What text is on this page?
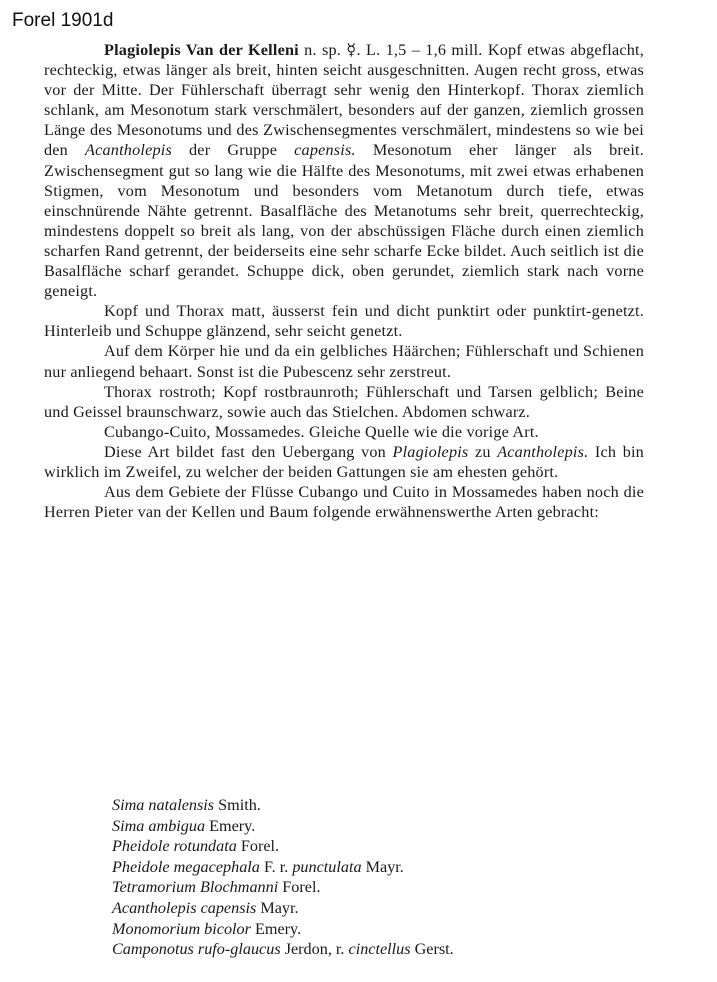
Forel 1901d

Plagiolepis Van der Kelleni n. sp. ☿. L. 1,5 – 1,6 mill. Kopf etwas abgeflacht, rechteckig, etwas länger als breit, hinten seicht ausgeschnitten. Augen recht gross, etwas vor der Mitte. Der Fühlerschaft überragt sehr wenig den Hinterkopf. Thorax ziemlich schlank, am Mesonotum stark verschmälert, besonders auf der ganzen, ziemlich grossen Länge des Mesonotums und des Zwischensegmentes verschmälert, mindestens so wie bei den Acantholepis der Gruppe capensis. Mesonotum eher länger als breit. Zwischensegment gut so lang wie die Hälfte des Mesonotums, mit zwei etwas erhabenen Stigmen, vom Mesonotum und besonders vom Metanotum durch tiefe, etwas einschnürende Nähte getrennt. Basalfläche des Metanotums sehr breit, querrechteckig, mindestens doppelt so breit als lang, von der abschüssigen Fläche durch einen ziemlich scharfen Rand getrennt, der beiderseits eine sehr scharfe Ecke bildet. Auch seitlich ist die Basalfläche scharf gerandet. Schuppe dick, oben gerundet, ziemlich stark nach vorne geneigt.

Kopf und Thorax matt, äusserst fein und dicht punktirt oder punktirt-genetzt. Hinterleib und Schuppe glänzend, sehr seicht genetzt.

Auf dem Körper hie und da ein gelbliches Häärchen; Fühlerschaft und Schienen nur anliegend behaart. Sonst ist die Pubescenz sehr zerstreut.

Thorax rostroth; Kopf rostbraunroth; Fühlerschaft und Tarsen gelblich; Beine und Geissel braunschwarz, sowie auch das Stielchen. Abdomen schwarz.

Cubango-Cuito, Mossamedes. Gleiche Quelle wie die vorige Art.

Diese Art bildet fast den Uebergang von Plagiolepis zu Acantholepis. Ich bin wirklich im Zweifel, zu welcher der beiden Gattungen sie am ehesten gehört.

Aus dem Gebiete der Flüsse Cubango und Cuito in Mossamedes haben noch die Herren Pieter van der Kellen und Baum folgende erwähnenswerthe Arten gebracht:

Sima natalensis Smith.
Sima ambigua Emery.
Pheidole rotundata Forel.
Pheidole megacephala F. r. punctulata Mayr.
Tetramorium Blochmanni Forel.
Acantholepis capensis Mayr.
Monomorium bicolor Emery.
Camponotus rufo-glaucus Jerdon, r. cinctellus Gerst.
